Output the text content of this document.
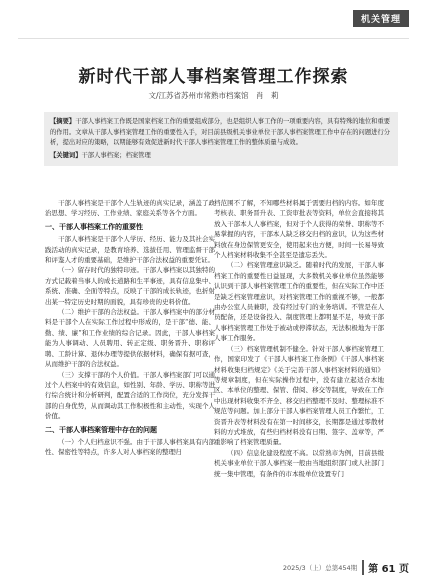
机关管理
新时代干部人事档案管理工作探索
文/江苏省苏州市常熟市档案馆　肖　莉
【摘要】干部人事档案工作既是国家档案工作的重要组成部分，也是组织人事工作的一项重要内容，具有特殊的地位和重要的作用。文章从干部人事档案管理工作的重要性入手，对目前县级机关事业单位干部人事档案管理工作中存在的问题进行分析，提出对应的策略，以期能够有效促进新时代干部人事档案管理工作的整体质量与成效。
【关键词】干部人事档案；档案管理

干部人事档案是干部个人生轨迹的真实记录，涵盖了政治思想、学习经历、工作业绩、家庭关系等各个方面。

一、干部人事档案工作的重要性

干部人事档案是干部个人学历、经历、能力及其社会实践活动的真实记录，是教育培养、选拔任用、管理监督干部和评鉴人才的重要基础，是维护干部合法权益的重要凭证。

（一）留存时代的独特印迹。干部人事档案以其独特的方式记载着当事人的成长道路和生平事迹，具有信息集中、系统、准确、全面等特点，反映了干部的成长轨迹，也折射出某一特定历史时期的面貌，具有珍贵的史料价值。

（二）维护干部的合法权益。干部人事档案中的部分材料是干部个人在实际工作过程中形成的，是干部“德、能、勤、绩、廉”和工作业绩的综合记录。因此，干部人事档案能为人事调动、人员聘用、转正定级、职务晋升、职称评聘、工龄计算、退休办理等提供依据材料，确保有据可查，从而维护干部的合法权益。

（三）支撑干部的个人价值。干部人事档案部门可以通过个人档案中的有效信息，如性别、年龄、学历、职称等进行综合统计和分析研判，配置合适的工作岗位，充分发挥干部的自身优势，从而调动其工作积极性和主动性，实现个人价值。

二、干部人事档案管理中存在的问题

（一）个人归档意识不强。由于干部人事档案具有内部性、保密性等特点，许多人对人事档案的整理归

档范围不了解，不知哪些材料属于需要归档的内容。如年度考核表、职务晋升表、工资审批表等资料，单位会直接将其放入干部本人人事档案，但对于个人获得的荣誉、职称等不易掌握的内容，干部本人缺乏移交归档的意识，认为这些材料放在身边保管更安全，使用起来也方便，时间一长易导致个人档案材料收集不全甚至是遗忘丢失。

（二）档案管理意识缺乏。随着时代的发展，干部人事档案工作的重要性日益显现，大多数机关事业单位虽然能够认识到干部人事档案管理工作的重要性，但在实际工作中还是缺乏档案管理意识，对档案管理工作的重视不够，一般都由办公室人员兼职，没有经过专门的业务培训。不管是在人员配备，还是设备投入、制度管理上都明显不足，导致干部人事档案管理工作处于被动或停滞状态，无法积极地为干部人事工作服务。

（三）档案管理机制不健全。针对干部人事档案管理工作，国家印发了《干部人事档案工作条例》《干部人事档案材料收集归档规定》《关于完善干部人事档案材料的通知》等规章制度，但在实际操作过程中，没有建立起适合本地区、本单位的整理、保管、借阅、移交等制度，导致在工作中出现材料收集不齐全、移交归档整理不及时、整理标准不规范等问题。加上部分干部人事档案管理人员工作繁忙，工资晋升表等材料没有在第一时间移交，长期都是通过零散材料的方式堆放，有些归档材料没有日期、签字、盖章等，严重影响了档案管理质量。

（四）信息化建设程度不高。以常熟市为例，目前县级机关事业单位干部人事档案一般由当地组织部门或人社部门统一集中管理，有条件的市本级单位设置专门

2025/3（上）总第454期	第 61 页
